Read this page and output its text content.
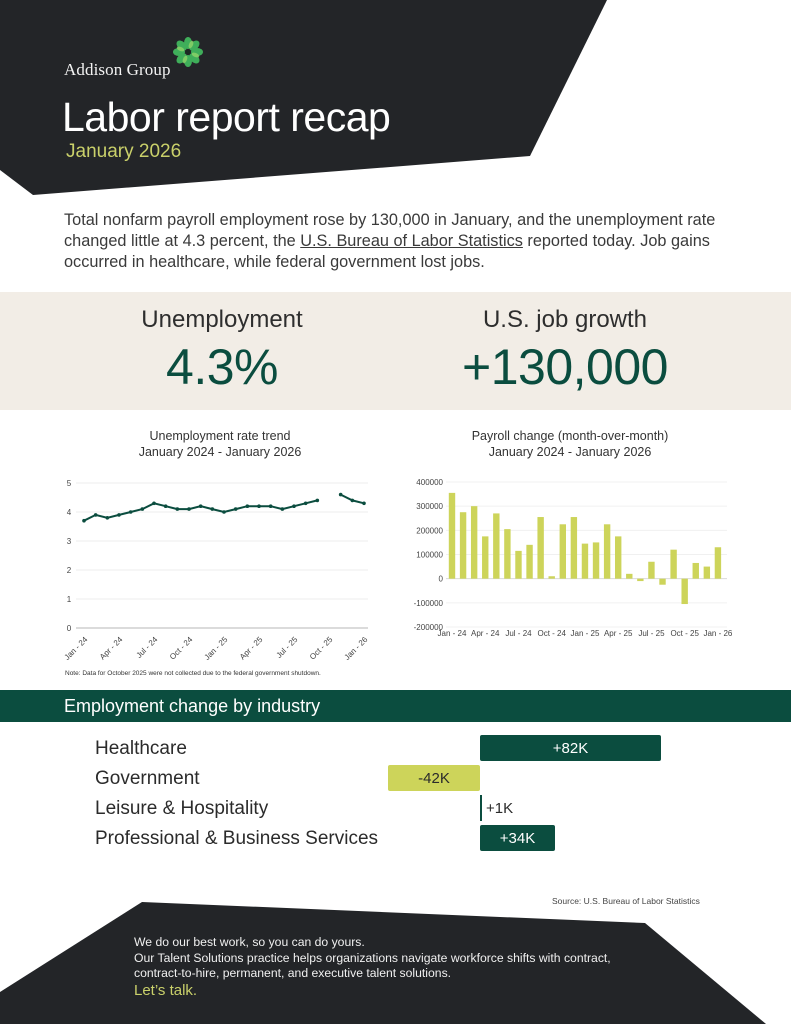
Addison Group
Labor report recap
January 2026

Total nonfarm payroll employment rose by 130,000 in January, and the unemployment rate changed little at 4.3 percent, the U.S. Bureau of Labor Statistics reported today. Job gains occurred in healthcare, while federal government lost jobs.

Unemployment
4.3%
U.S. job growth
+130,000
Unemployment rate trend
January 2024 - January 2026
0
1
2
3
4
5
Jan - 24 Apr - 24 Jul - 24 Oct - 24 Jan - 25 Apr - 25 Jul - 25 Oct - 25 Jan - 26
Note: Data for October 2025 were not collected due to the federal government shutdown.
Payroll change (month-over-month)
January 2024 - January 2026
-200000
-100000
0
100000
200000
300000
400000
Jan - 24 Apr - 24 Jul - 24 Oct - 24 Jan - 25 Apr - 25 Jul - 25 Oct - 25 Jan - 26
Employment change by industry
Healthcare	+82K
Government	-42K
Leisure & Hospitality	+1K
Professional & Business Services	+34K
Source: U.S. Bureau of Labor Statistics
We do our best work, so you can do yours.
Our Talent Solutions practice helps organizations navigate workforce shifts with contract, contract-to-hire, permanent, and executive talent solutions.
Let’s talk.
